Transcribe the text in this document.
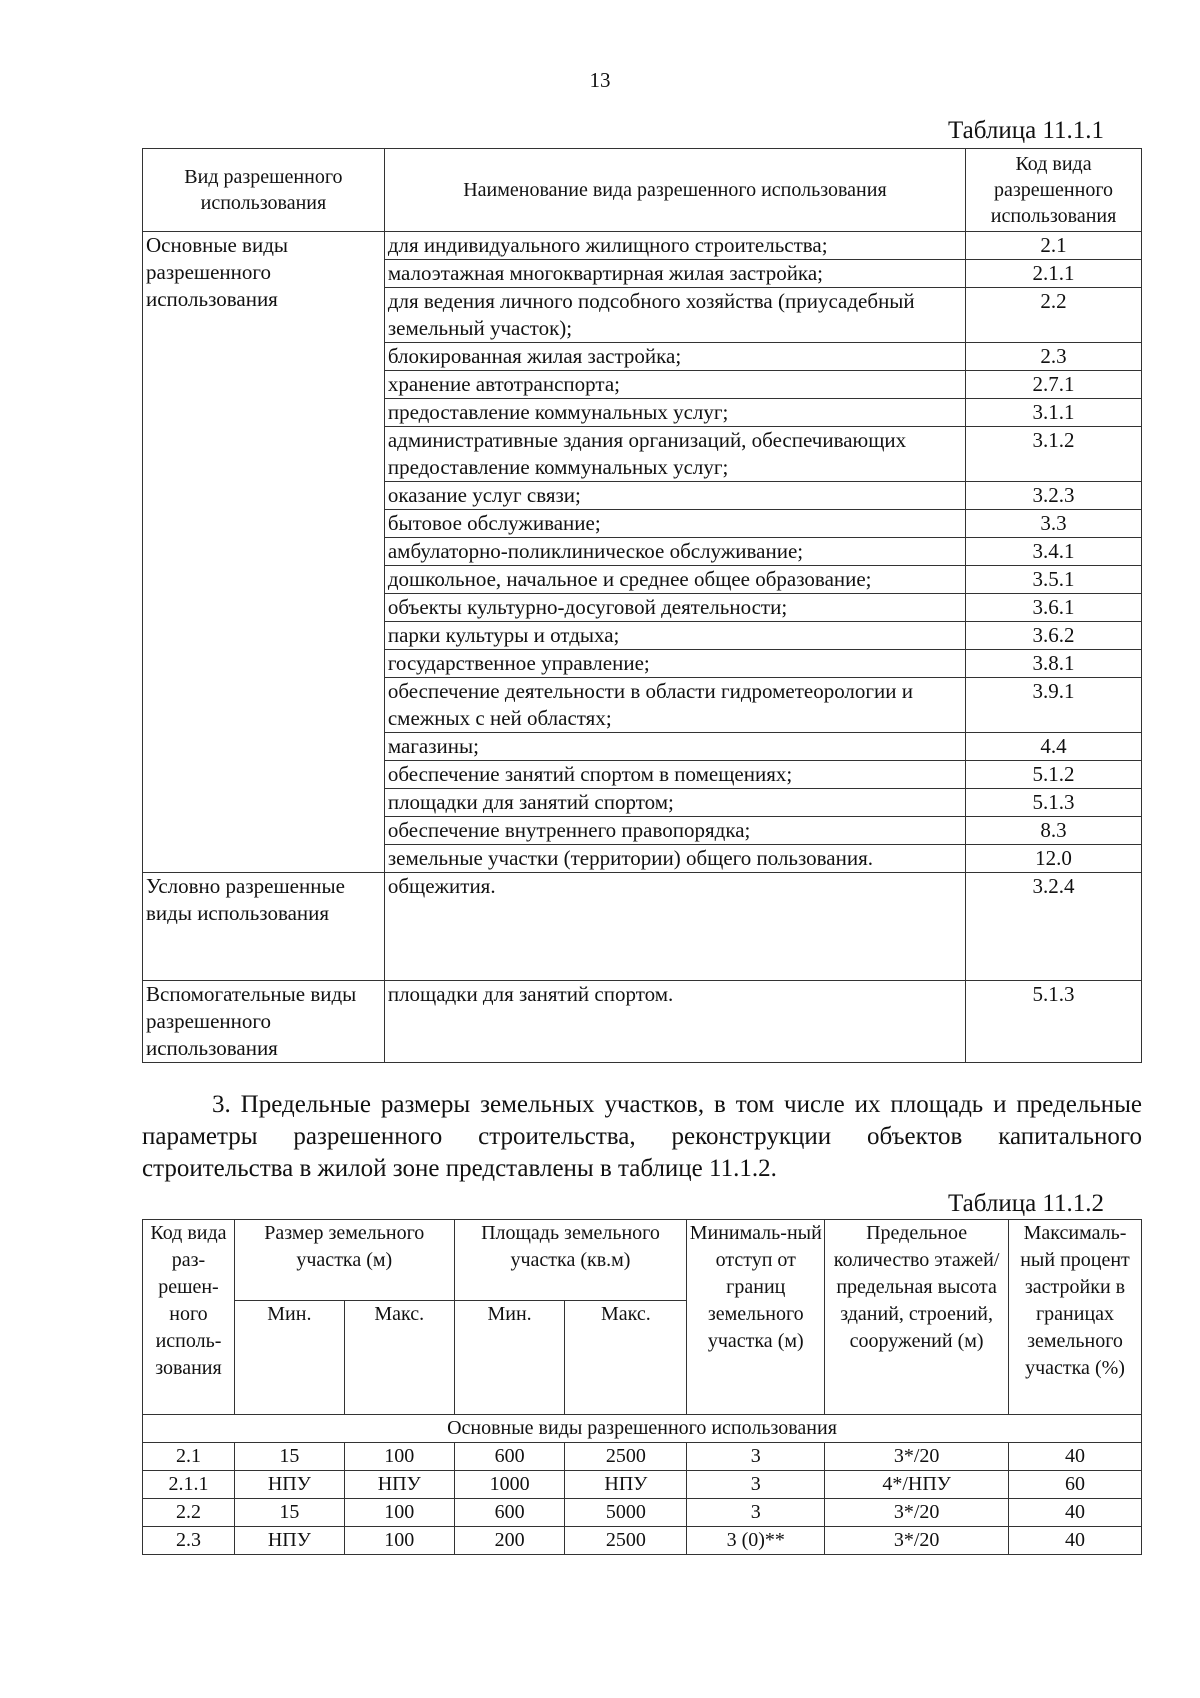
13
Таблица 11.1.1
Вид разрешенного использования	Наименование вида разрешенного использования	Код вида разрешенного использования
Основные виды разрешенного использования	для индивидуального жилищного строительства;	2.1
	малоэтажная многоквартирная жилая застройка;	2.1.1
	для ведения личного подсобного хозяйства (приусадебный земельный участок);	2.2
	блокированная жилая застройка;	2.3
	хранение автотранспорта;	2.7.1
	предоставление коммунальных услуг;	3.1.1
	административные здания организаций, обеспечивающих предоставление коммунальных услуг;	3.1.2
	оказание услуг связи;	3.2.3
	бытовое обслуживание;	3.3
	амбулаторно-поликлиническое обслуживание;	3.4.1
	дошкольное, начальное и среднее общее образование;	3.5.1
	объекты культурно-досуговой деятельности;	3.6.1
	парки культуры и отдыха;	3.6.2
	государственное управление;	3.8.1
	обеспечение деятельности в области гидрометеорологии и смежных с ней областях;	3.9.1
	магазины;	4.4
	обеспечение занятий спортом в помещениях;	5.1.2
	площадки для занятий спортом;	5.1.3
	обеспечение внутреннего правопорядка;	8.3
	земельные участки (территории) общего пользования.	12.0
Условно разрешенные виды использования	общежития.	3.2.4
Вспомогательные виды разрешенного использования	площадки для занятий спортом.	5.1.3
3. Предельные размеры земельных участков, в том числе их площадь и предельные параметры разрешенного строительства, реконструкции объектов капитального строительства в жилой зоне представлены в таблице 11.1.2.
Таблица 11.1.2
Код вида раз-решен-ного исполь-зования	Размер земельного участка (м)		Площадь земельного участка (кв.м)		Минималь-ный отступ от границ земельного участка (м)	Предельное количество этажей/ предельная высота зданий, строений, сооружений (м)	Максималь-ный процент застройки в границах земельного участка (%)
	Мин.	Макс.	Мин.	Макс.			
Основные виды разрешенного использования							
2.1	15	100	600	2500	3	3*/20	40
2.1.1	НПУ	НПУ	1000	НПУ	3	4*/НПУ	60
2.2	15	100	600	5000	3	3*/20	40
2.3	НПУ	100	200	2500	3 (0)**	3*/20	40
